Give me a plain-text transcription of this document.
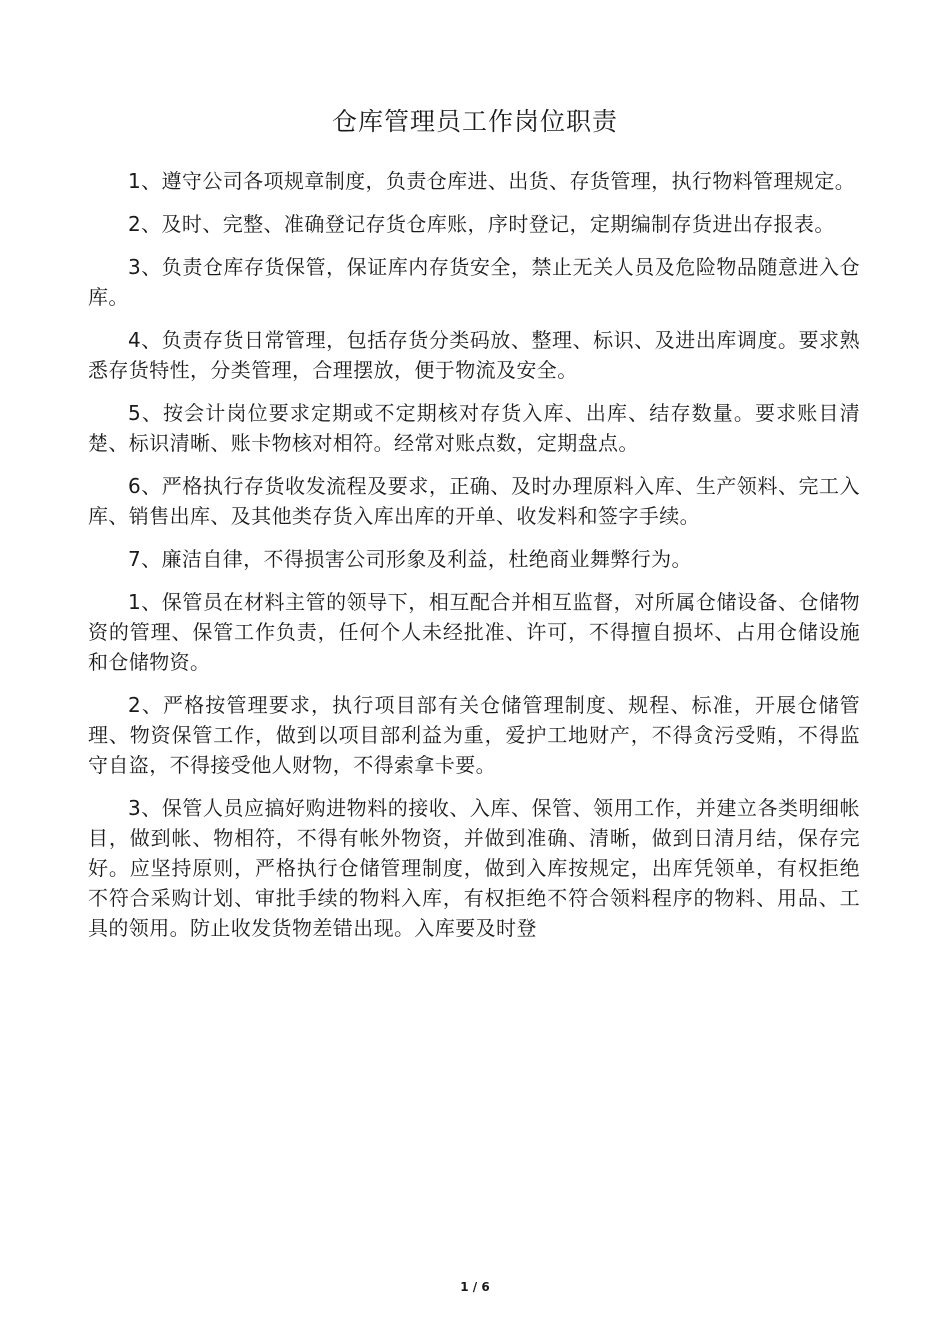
仓库管理员工作岗位职责

1、遵守公司各项规章制度，负责仓库进、出货、存货管理，执行物料管理规定。

2、及时、完整、准确登记存货仓库账，序时登记，定期编制存货进出存报表。

3、负责仓库存货保管，保证库内存货安全，禁止无关人员及危险物品随意进入仓库。

4、负责存货日常管理，包括存货分类码放、整理、标识、及进出库调度。要求熟悉存货特性，分类管理，合理摆放，便于物流及安全。

5、按会计岗位要求定期或不定期核对存货入库、出库、结存数量。要求账目清楚、标识清晰、账卡物核对相符。经常对账点数，定期盘点。

6、严格执行存货收发流程及要求，正确、及时办理原料入库、生产领料、完工入库、销售出库、及其他类存货入库出库的开单、收发料和签字手续。

7、廉洁自律，不得损害公司形象及利益，杜绝商业舞弊行为。

1、保管员在材料主管的领导下，相互配合并相互监督，对所属仓储设备、仓储物资的管理、保管工作负责，任何个人未经批准、许可，不得擅自损坏、占用仓储设施和仓储物资。

2、严格按管理要求，执行项目部有关仓储管理制度、规程、标准，开展仓储管理、物资保管工作，做到以项目部利益为重，爱护工地财产，不得贪污受贿，不得监守自盗，不得接受他人财物，不得索拿卡要。

3、保管人员应搞好购进物料的接收、入库、保管、领用工作，并建立各类明细帐目，做到帐、物相符，不得有帐外物资，并做到准确、清晰，做到日清月结，保存完好。应坚持原则，严格执行仓储管理制度，做到入库按规定，出库凭领单，有权拒绝不符合采购计划、审批手续的物料入库，有权拒绝不符合领料程序的物料、用品、工具的领用。防止收发货物差错出现。入库要及时登

1 / 6
